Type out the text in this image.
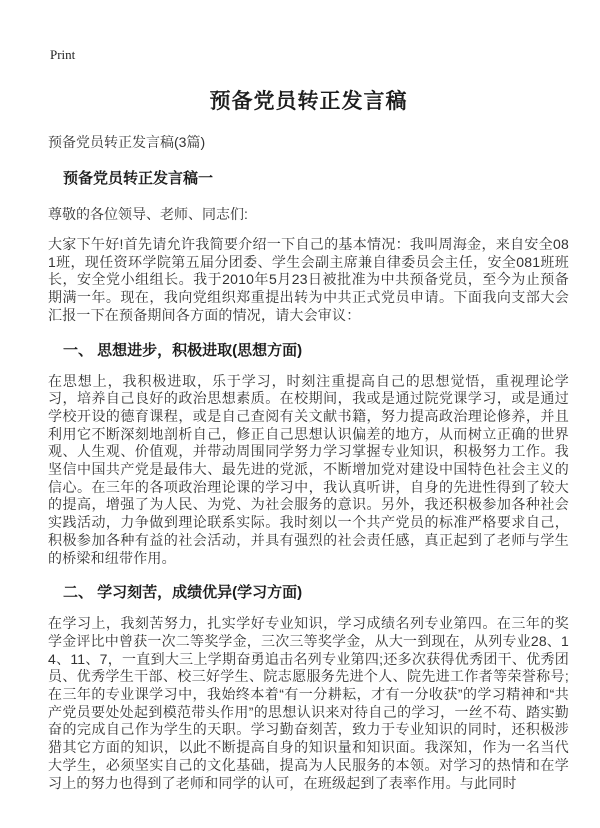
Print
预备党员转正发言稿
预备党员转正发言稿(3篇)
预备党员转正发言稿一

尊敬的各位领导、老师、同志们:

大家下午好!首先请允许我简要介绍一下自己的基本情况：我叫周海金，来自安全081班，现任资环学院第五届分团委、学生会副主席兼自律委员会主任，安全081班班长，安全党小组组长。我于2010年5月23日被批准为中共预备党员，至今为止预备期满一年。现在，我向党组织郑重提出转为中共正式党员申请。下面我向支部大会汇报一下在预备期间各方面的情况，请大会审议：

一、 思想进步，积极进取(思想方面)

在思想上，我积极进取，乐于学习，时刻注重提高自己的思想觉悟，重视理论学习，培养自己良好的政治思想素质。在校期间，我或是通过院党课学习，或是通过学校开设的德育课程，或是自己查阅有关文献书籍，努力提高政治理论修养，并且利用它不断深刻地剖析自己，修正自己思想认识偏差的地方，从而树立正确的世界观、人生观、价值观，并带动周围同学努力学习掌握专业知识，积极努力工作。我坚信中国共产党是最伟大、最先进的党派，不断增加党对建设中国特色社会主义的信心。在三年的各项政治理论课的学习中，我认真听讲，自身的先进性得到了较大的提高，增强了为人民、为党、为社会服务的意识。另外，我还积极参加各种社会实践活动，力争做到理论联系实际。我时刻以一个共产党员的标准严格要求自己，积极参加各种有益的社会活动，并具有强烈的社会责任感，真正起到了老师与学生的桥梁和纽带作用。

二、 学习刻苦，成绩优异(学习方面)

在学习上，我刻苦努力，扎实学好专业知识，学习成绩名列专业第四。在三年的奖学金评比中曾获一次二等奖学金，三次三等奖学金，从大一到现在，从列专业28、14、11、7，一直到大三上学期奋勇追击名列专业第四;还多次获得优秀团干、优秀团员、优秀学生干部、校三好学生、院志愿服务先进个人、院先进工作者等荣誉称号;在三年的专业课学习中，我始终本着“有一分耕耘，才有一分收获”的学习精神和“共产党员要处处起到模范带头作用”的思想认识来对待自己的学习，一丝不苟、踏实勤奋的完成自己作为学生的天职。学习勤奋刻苦，致力于专业知识的同时，还积极涉猎其它方面的知识，以此不断提高自身的知识量和知识面。我深知，作为一名当代大学生，必须坚实自己的文化基础，提高为人民服务的本领。对学习的热情和在学习上的努力也得到了老师和同学的认可，在班级起到了表率作用。与此同时
